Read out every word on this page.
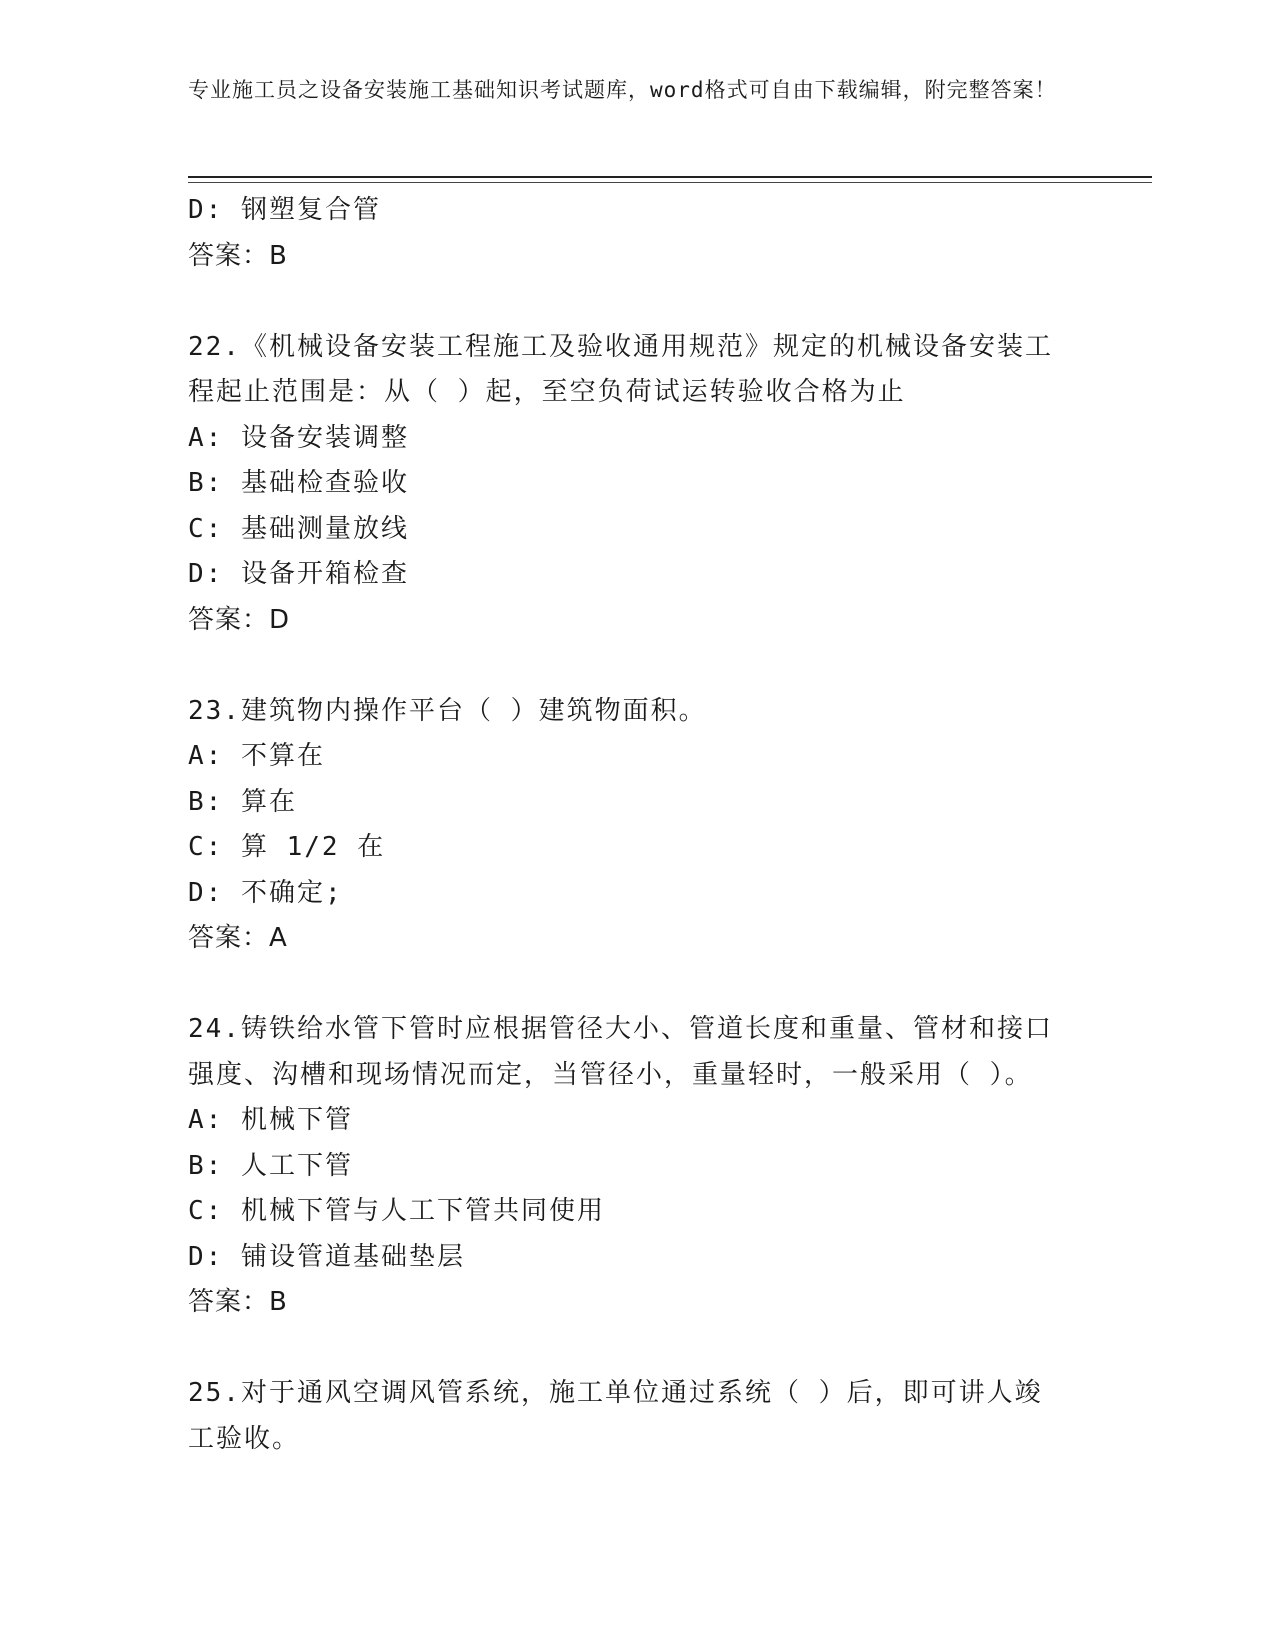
专业施工员之设备安装施工基础知识考试题库，word格式可自由下载编辑，附完整答案！

D: 钢塑复合管

答案：B

22.《机械设备安装工程施工及验收通用规范》规定的机械设备安装工

程起止范围是：从（ ）起，至空负荷试运转验收合格为止

A: 设备安装调整

B: 基础检查验收

C: 基础测量放线

D: 设备开箱检查

答案：D

23.建筑物内操作平台（ ）建筑物面积。

A: 不算在

B: 算在

C: 算 1/2 在

D: 不确定;

答案：A

24.铸铁给水管下管时应根据管径大小、管道长度和重量、管材和接口

强度、沟槽和现场情况而定，当管径小，重量轻时，一般采用（ ）。

A: 机械下管

B: 人工下管

C: 机械下管与人工下管共同使用

D: 铺设管道基础垫层

答案：B

25.对于通风空调风管系统，施工单位通过系统（ ）后，即可讲人竣

工验收。
